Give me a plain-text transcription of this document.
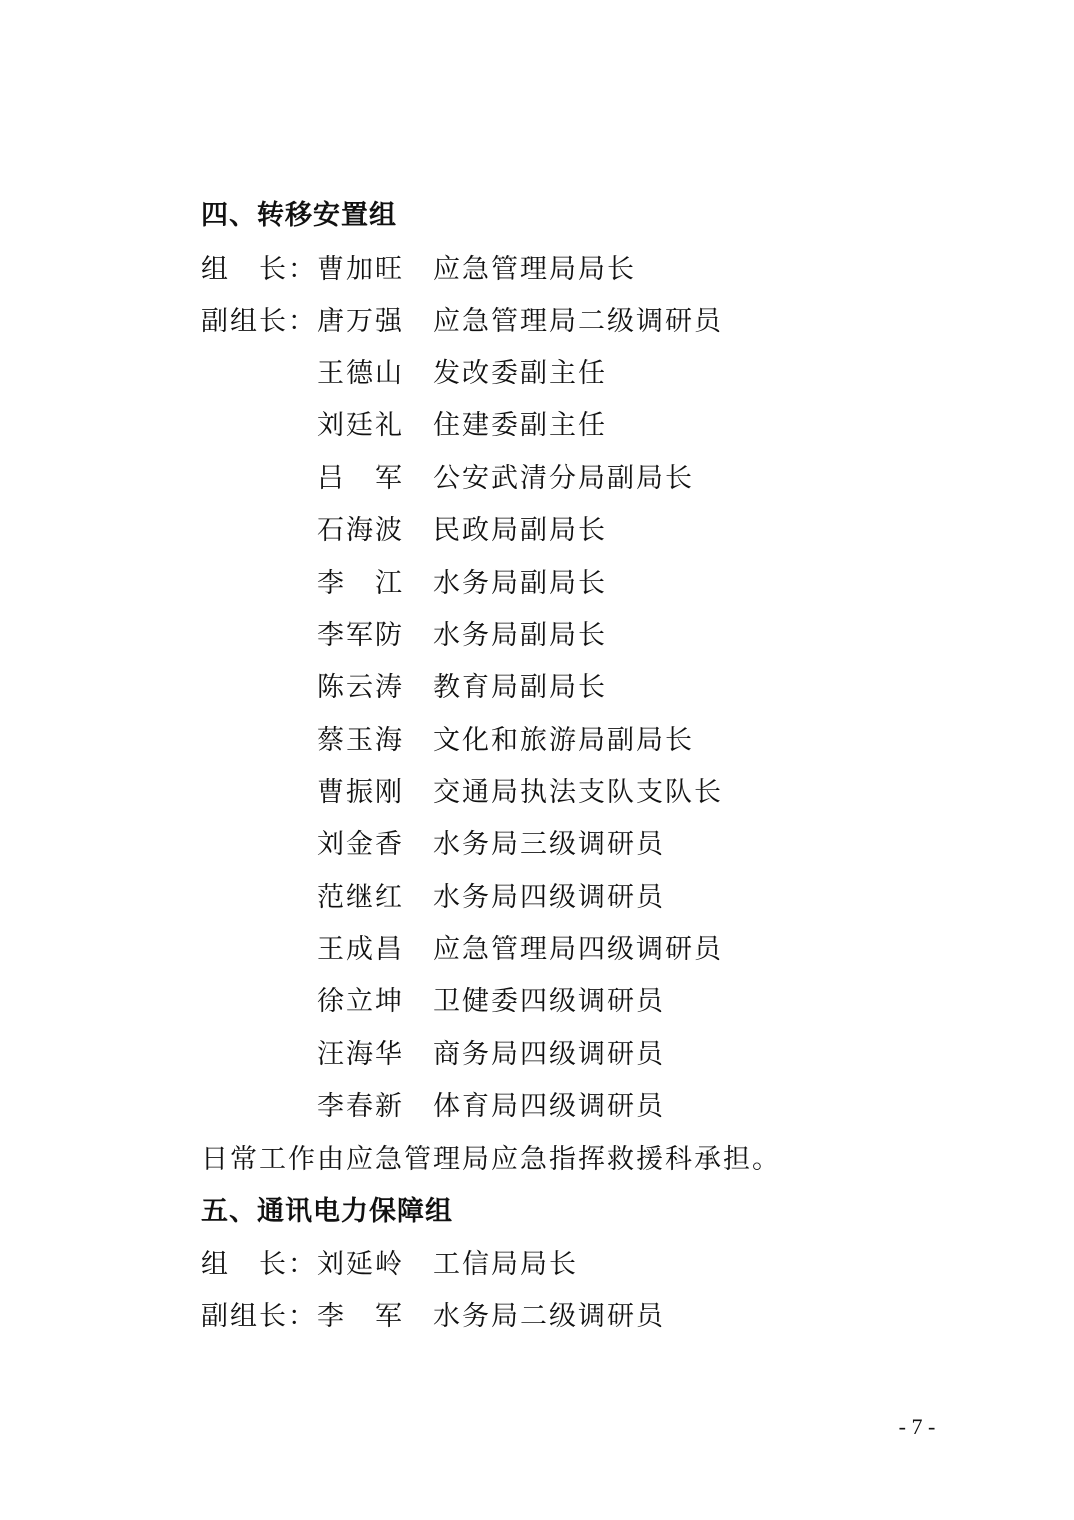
四、转移安置组
组　长： 曹加旺	应急管理局局长
副组长： 唐万强	应急管理局二级调研员
王德山	发改委副主任
刘廷礼	住建委副主任
吕　军	公安武清分局副局长
石海波	民政局副局长
李　江	水务局副局长
李军防	水务局副局长
陈云涛	教育局副局长
蔡玉海	文化和旅游局副局长
曹振刚	交通局执法支队支队长
刘金香	水务局三级调研员
范继红	水务局四级调研员
王成昌	应急管理局四级调研员
徐立坤	卫健委四级调研员
汪海华	商务局四级调研员
李春新	体育局四级调研员
日常工作由应急管理局应急指挥救援科承担。
五、通讯电力保障组
组　长： 刘延岭	工信局局长
副组长： 李　军	水务局二级调研员
- 7 -
